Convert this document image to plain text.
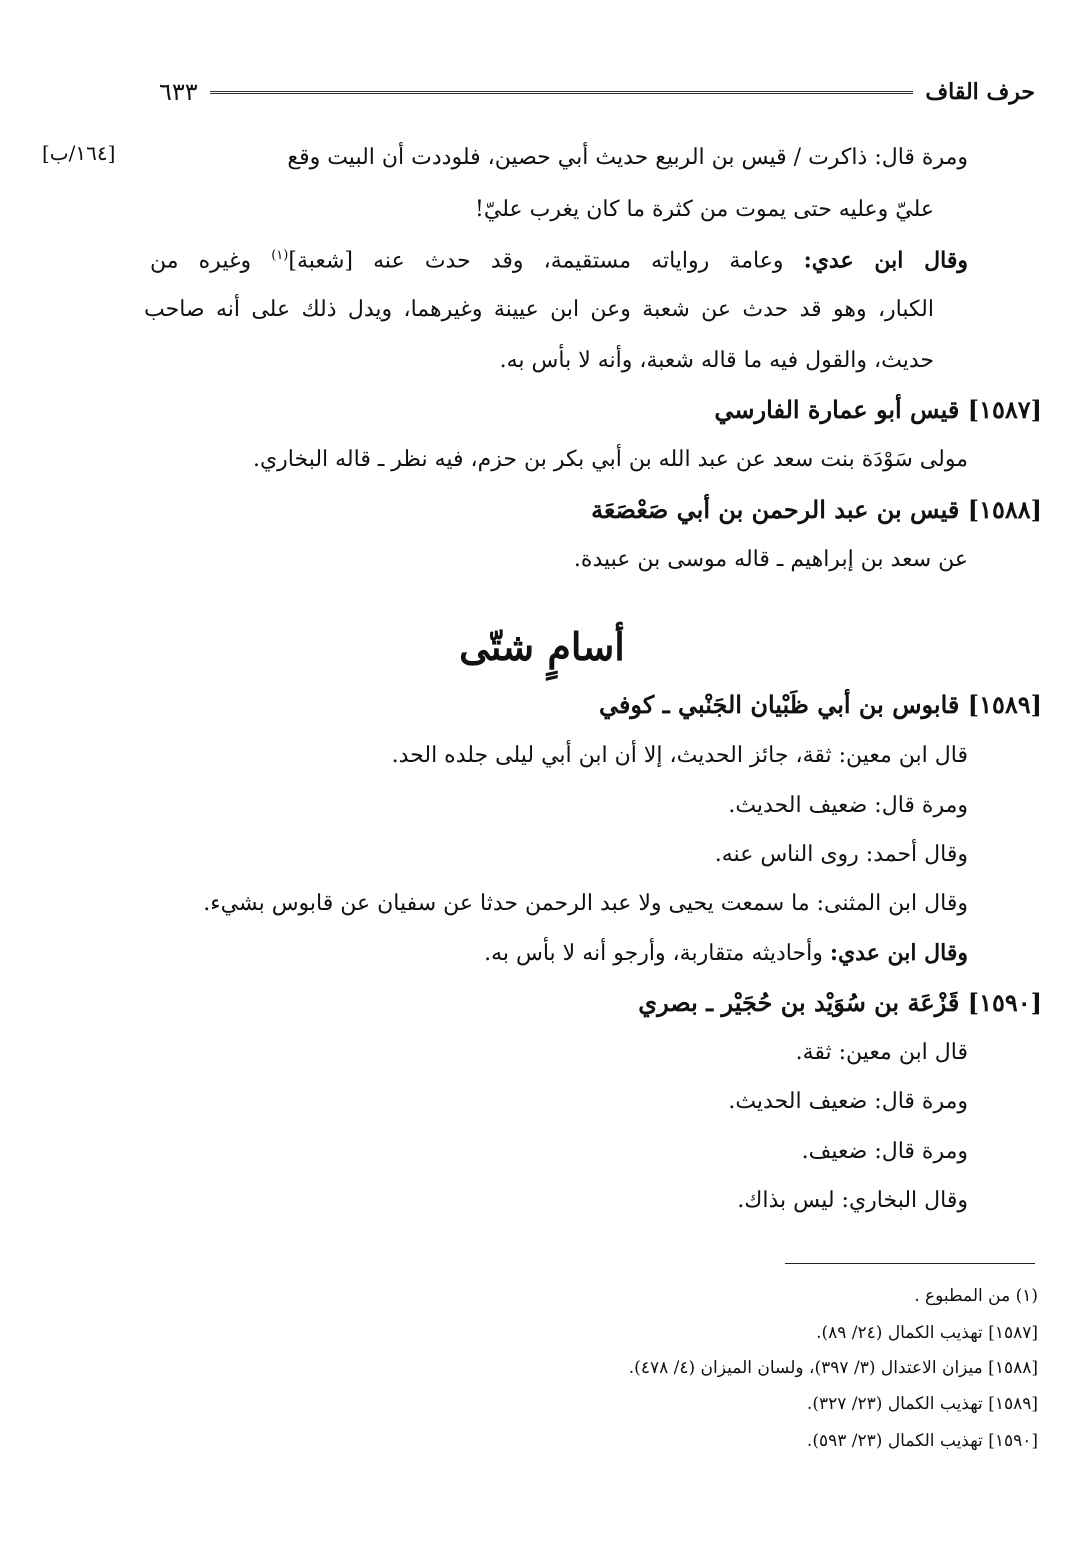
حرف القاف
٦٣٣
[١٦٤/ب]	ومرة قال: ذاكرت / قيس بن الربيع حديث أبي حصين، فلوددت أن البيت وقع
عليّ وعليه حتى يموت من كثرة ما كان يغرب عليّ!
وقال ابن عدي: وعامة رواياته مستقيمة، وقد حدث عنه [شعبة]$^{(١)}$ وغيره من
الكبار، وهو قد حدث عن شعبة وعن ابن عيينة وغيرهما، ويدل ذلك على أنه صاحب
حديث، والقول فيه ما قاله شعبة، وأنه لا بأس به.
[١٥٨٧] قيس أبو عمارة الفارسي
مولى سَوْدَة بنت سعد عن عبد الله بن أبي بكر بن حزم، فيه نظر ـ قاله البخاري.
[١٥٨٨] قيس بن عبد الرحمن بن أبي صَعْصَعَة
عن سعد بن إبراهيم ـ قاله موسى بن عبيدة.
أسامٍ شتّى
[١٥٨٩] قابوس بن أبي ظَبْيان الجَنْبي ـ كوفي
قال ابن معين: ثقة، جائز الحديث، إلا أن ابن أبي ليلى جلده الحد.
ومرة قال: ضعيف الحديث.
وقال أحمد: روى الناس عنه.
وقال ابن المثنى: ما سمعت يحيى ولا عبد الرحمن حدثا عن سفيان عن قابوس بشيء.
وقال ابن عدي: وأحاديثه متقاربة، وأرجو أنه لا بأس به.
[١٥٩٠] قَزْعَة بن سُوَيْد بن حُجَيْر ـ بصري
قال ابن معين: ثقة.
ومرة قال: ضعيف الحديث.
ومرة قال: ضعيف.
وقال البخاري: ليس بذاك.
(١) من المطبوع .
[١٥٨٧] تهذيب الكمال (٢٤/ ٨٩).
[١٥٨٨] ميزان الاعتدال (٣/ ٣٩٧)، ولسان الميزان (٤/ ٤٧٨).
[١٥٨٩] تهذيب الكمال (٢٣/ ٣٢٧).
[١٥٩٠] تهذيب الكمال (٢٣/ ٥٩٣).
